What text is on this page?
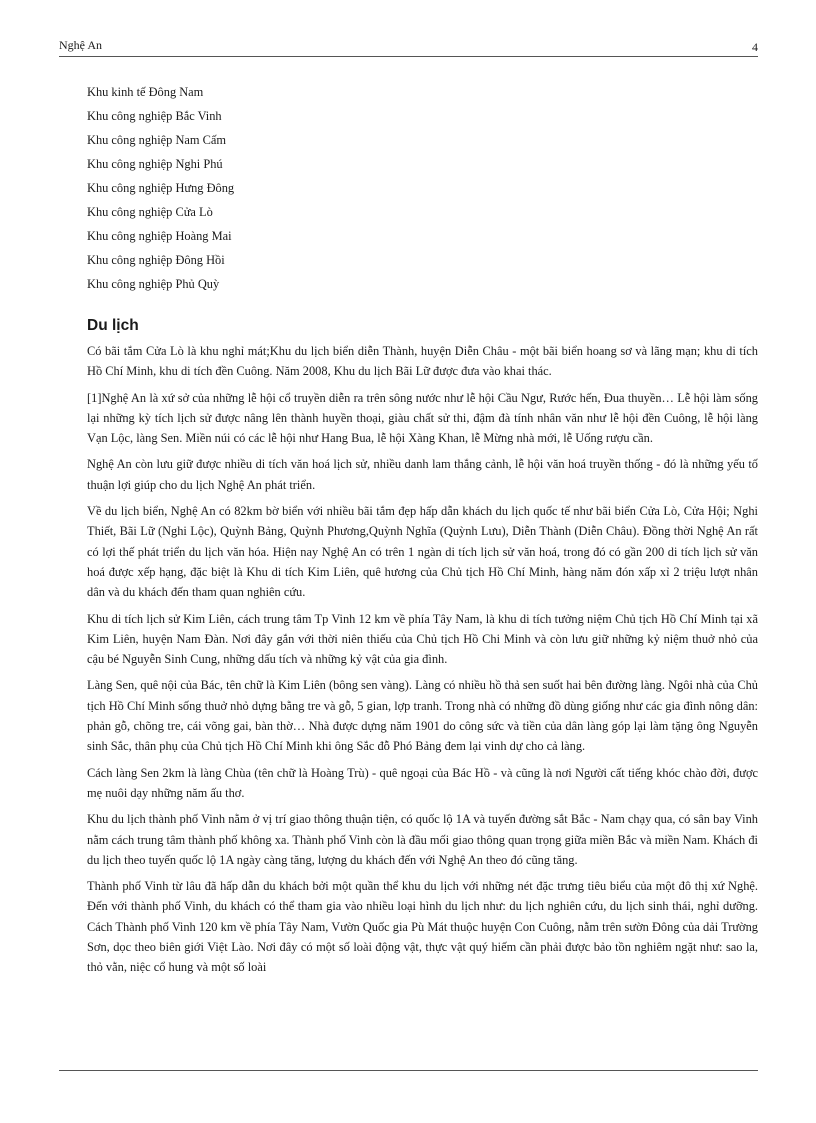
Nghệ An	4
Khu kinh tế Đông Nam
Khu công nghiệp Bắc Vinh
Khu công nghiệp Nam Cấm
Khu công nghiệp Nghi Phú
Khu công nghiệp Hưng Đông
Khu công nghiệp Cửa Lò
Khu công nghiệp Hoàng Mai
Khu công nghiệp Đông Hồi
Khu công nghiệp Phủ Quỳ
Du lịch

Có bãi tắm Cửa Lò là khu nghỉ mát;Khu du lịch biển diễn Thành, huyện Diễn Châu - một bãi biển hoang sơ và lãng mạn; khu di tích Hồ Chí Minh, khu di tích đền Cuông. Năm 2008, Khu du lịch Bãi Lữ được đưa vào khai thác.

[1]Nghệ An là xứ sở của những lễ hội cổ truyền diễn ra trên sông nước như lễ hội Cầu Ngư, Rước hến, Đua thuyền… Lễ hội làm sống lại những kỳ tích lịch sử được nâng lên thành huyền thoại, giàu chất sử thi, đậm đà tính nhân văn như lễ hội đền Cuông, lễ hội làng Vạn Lộc, làng Sen. Miền núi có các lễ hội như Hang Bua, lễ hội Xàng Khan, lễ Mừng nhà mới, lễ Uống rượu cần.

Nghệ An còn lưu giữ được nhiều di tích văn hoá lịch sử, nhiều danh lam thắng cảnh, lễ hội văn hoá truyền thống - đó là những yếu tố thuận lợi giúp cho du lịch Nghệ An phát triển.

Về du lịch biển, Nghệ An có 82km bờ biển với nhiều bãi tắm đẹp hấp dẫn khách du lịch quốc tế như bãi biển Cửa Lò, Cửa Hội; Nghi Thiết, Bãi Lữ (Nghi Lộc), Quỳnh Bảng, Quỳnh Phương,Quỳnh Nghĩa (Quỳnh Lưu), Diễn Thành (Diễn Châu). Đồng thời Nghệ An rất có lợi thế phát triển du lịch văn hóa. Hiện nay Nghệ An có trên 1 ngàn di tích lịch sử văn hoá, trong đó có gần 200 di tích lịch sử văn hoá được xếp hạng, đặc biệt là Khu di tích Kim Liên, quê hương của Chủ tịch Hồ Chí Minh, hàng năm đón xấp xỉ 2 triệu lượt nhân dân và du khách đến tham quan nghiên cứu.

Khu di tích lịch sử Kim Liên, cách trung tâm Tp Vinh 12 km về phía Tây Nam, là khu di tích tưởng niệm Chủ tịch Hồ Chí Minh tại xã Kim Liên, huyện Nam Đàn. Nơi đây gắn với thời niên thiếu của Chủ tịch Hồ Chi Minh và còn lưu giữ những kỷ niệm thuở nhỏ của cậu bé Nguyễn Sinh Cung, những dấu tích và những kỷ vật của gia đình.

Làng Sen, quê nội của Bác, tên chữ là Kim Liên (bông sen vàng). Làng có nhiều hồ thả sen suốt hai bên đường làng. Ngôi nhà của Chủ tịch Hồ Chí Minh sống thuở nhỏ dựng bằng tre và gỗ, 5 gian, lợp tranh. Trong nhà có những đồ dùng giống như các gia đình nông dân: phản gỗ, chõng tre, cái võng gai, bàn thờ… Nhà được dựng năm 1901 do công sức và tiền của dân làng góp lại làm tặng ông Nguyễn sinh Sắc, thân phụ của Chủ tịch Hồ Chí Minh khi ông Sắc đỗ Phó Bảng đem lại vinh dự cho cả làng.

Cách làng Sen 2km là làng Chùa (tên chữ là Hoàng Trù) - quê ngoại của Bác Hồ - và cũng là nơi Người cất tiếng khóc chào đời, được mẹ nuôi dạy những năm ấu thơ.

Khu du lịch thành phố Vinh nằm ở vị trí giao thông thuận tiện, có quốc lộ 1A và tuyến đường sắt Bắc - Nam chạy qua, có sân bay Vinh nằm cách trung tâm thành phố không xa. Thành phố Vinh còn là đầu mối giao thông quan trọng giữa miền Bắc và miền Nam. Khách đi du lịch theo tuyến quốc lộ 1A ngày càng tăng, lượng du khách đến với Nghệ An theo đó cũng tăng.

Thành phố Vinh từ lâu đã hấp dẫn du khách bởi một quần thể khu du lịch với những nét đặc trưng tiêu biểu của một đô thị xứ Nghệ. Đến với thành phố Vinh, du khách có thể tham gia vào nhiều loại hình du lịch như: du lịch nghiên cứu, du lịch sinh thái, nghỉ dưỡng. Cách Thành phố Vinh 120 km về phía Tây Nam, Vườn Quốc gia Pù Mát thuộc huyện Con Cuông, nằm trên sườn Đông của dải Trường Sơn, dọc theo biên giới Việt Lào. Nơi đây có một số loài động vật, thực vật quý hiếm cần phải được bảo tồn nghiêm ngặt như: sao la, thỏ vằn, niệc cổ hung và một số loài
